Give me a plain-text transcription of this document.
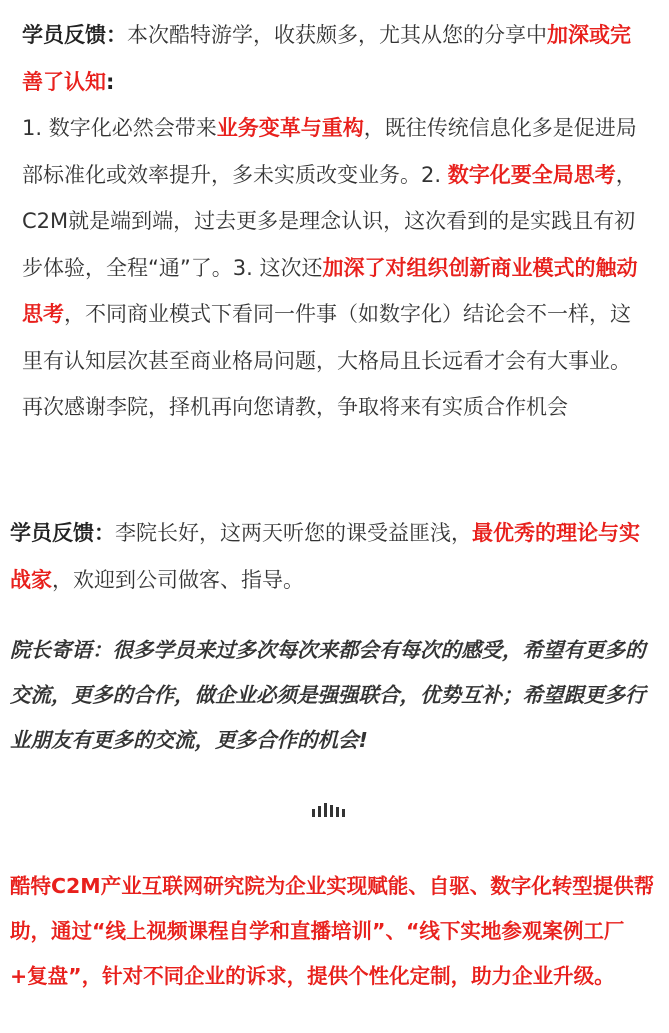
学员反馈：本次酷特游学，收获颇多，尤其从您的分享中加深或完善了认知:
1. 数字化必然会带来业务变革与重构，既往传统信息化多是促进局部标准化或效率提升，多未实质改变业务。2. 数字化要全局思考，C2M就是端到端，过去更多是理念认识，这次看到的是实践且有初步体验，全程“通”了。3. 这次还加深了对组织创新商业模式的触动思考，不同商业模式下看同一件事（如数字化）结论会不一样，这里有认知层次甚至商业格局问题，大格局且长远看才会有大事业。
再次感谢李院，择机再向您请教，争取将来有实质合作机会

学员反馈：李院长好，这两天听您的课受益匪浅，最优秀的理论与实战家，欢迎到公司做客、指导。

院长寄语：很多学员来过多次每次来都会有每次的感受，希望有更多的交流，更多的合作，做企业必须是强强联合，优势互补；希望跟更多行业朋友有更多的交流，更多合作的机会!

酷特C2M产业互联网研究院为企业实现赋能、自驱、数字化转型提供帮助，通过“线上视频课程自学和直播培训”、“线下实地参观案例工厂+复盘”，针对不同企业的诉求，提供个性化定制，助力企业升级。
